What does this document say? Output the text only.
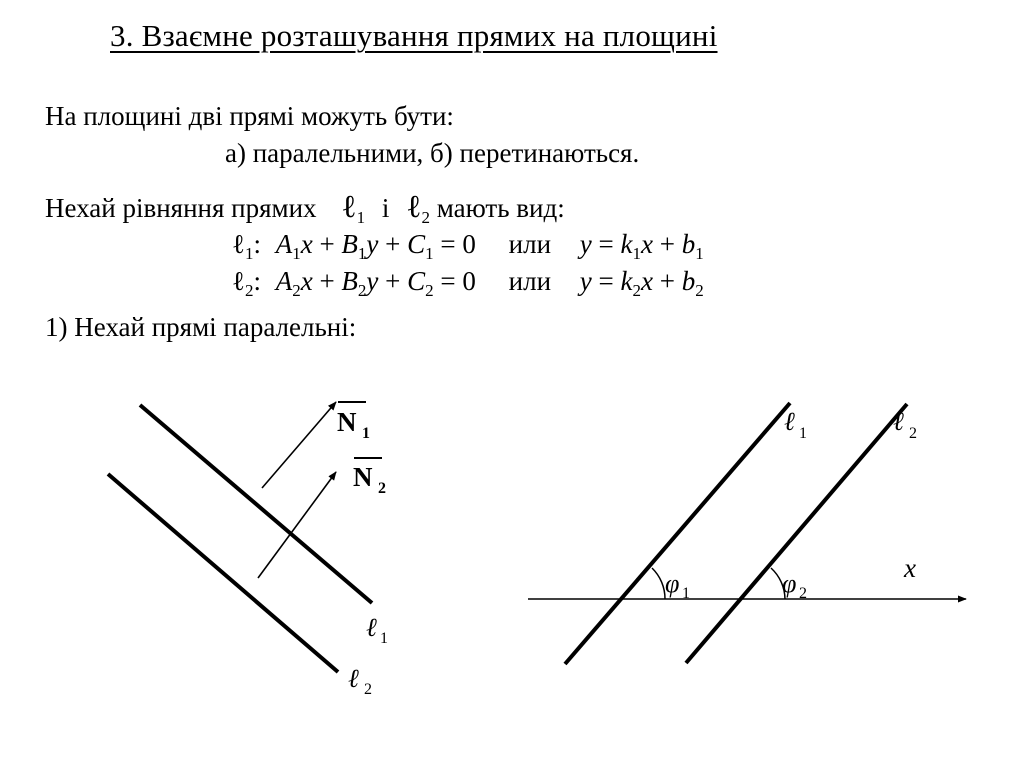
3. Взаємне розташування прямих на площині
На площині дві прямі можуть бути:
а) паралельними, б) перетинаються.
Нехай рівняння прямих ℓ$_1$ і ℓ$_2$ мають вид:
ℓ$_1$: $A_1x + B_1y + C_1 = 0$ или $y = k_1x + b_1$
ℓ$_2$: $A_2x + B_2y + C_2 = 0$ или $y = k_2x + b_2$
1) Нехай прямі паралельні:
N 1
N 2
ℓ 1
ℓ 2
φ 1	φ 2
x
ℓ 1	ℓ 2
